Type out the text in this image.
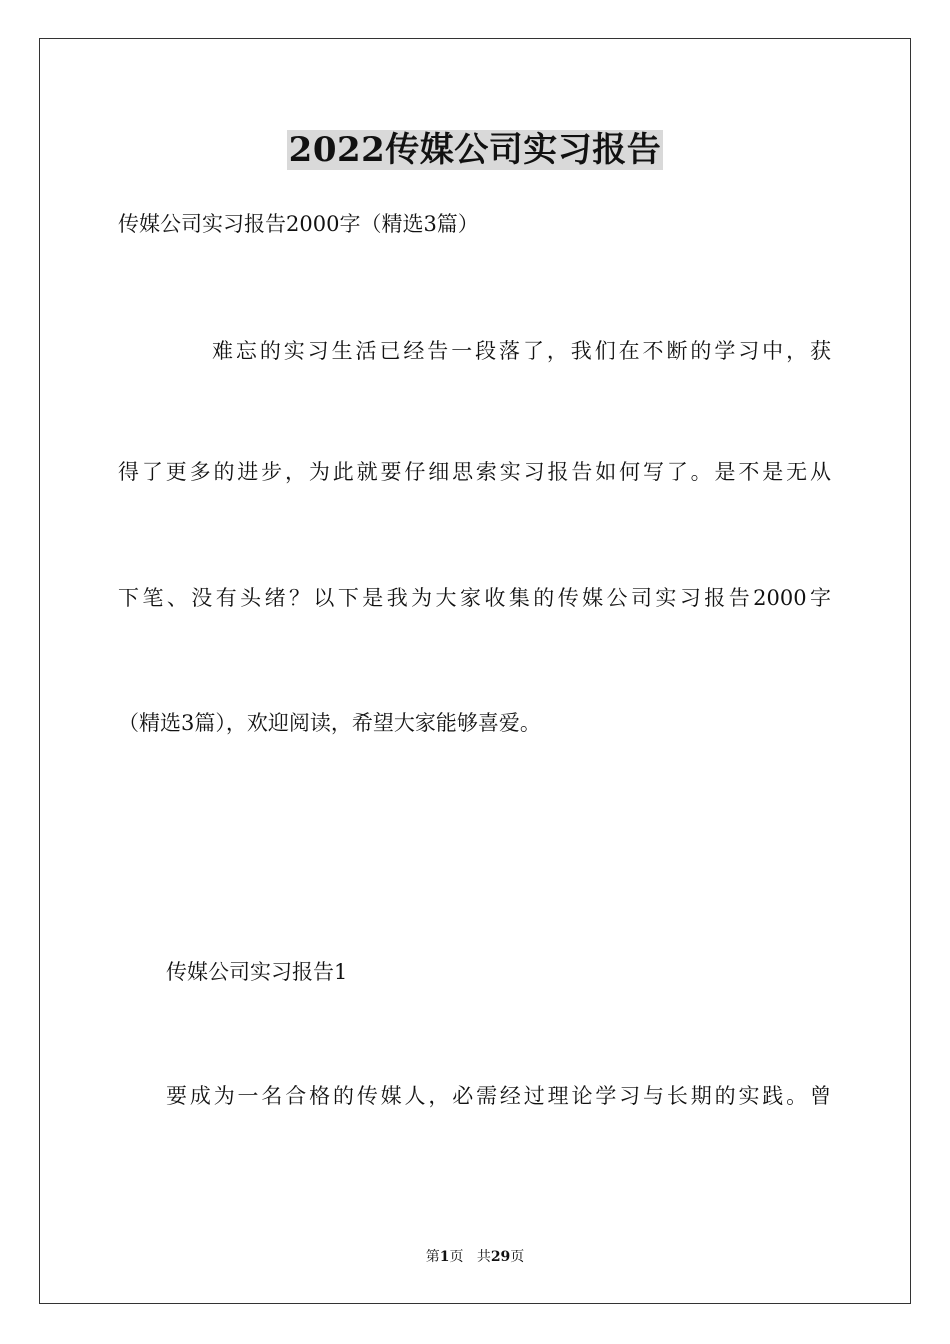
2022传媒公司实习报告
传媒公司实习报告2000字（精选3篇）
难忘的实习生活已经告一段落了，我们在不断的学习中，获
得了更多的进步，为此就要仔细思索实习报告如何写了。是不是无从
下笔、没有头绪？以下是我为大家收集的传媒公司实习报告2000字
（精选3篇），欢迎阅读，希望大家能够喜爱。
传媒公司实习报告1
要成为一名合格的传媒人，必需经过理论学习与长期的实践。曾
第1页 共29页
